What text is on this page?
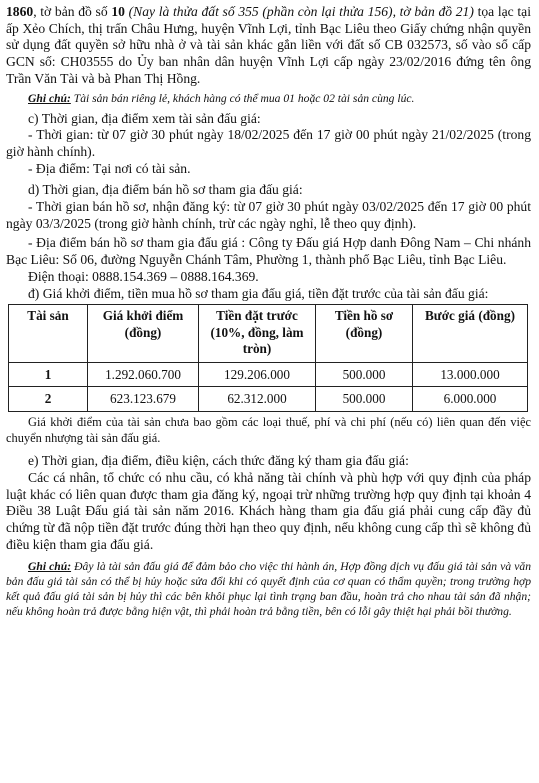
1860, tờ bản đồ số 10 (Nay là thửa đất số 355 (phần còn lại thửa 156), tờ bản đồ 21) tọa lạc tại ấp Xẻo Chích, thị trấn Châu Hưng, huyện Vĩnh Lợi, tỉnh Bạc Liêu theo Giấy chứng nhận quyền sử dụng đất quyền sở hữu nhà ở và tài sản khác gắn liền với đất số CB 032573, số vào sổ cấp GCN số: CH03555 do Ủy ban nhân dân huyện Vĩnh Lợi cấp ngày 23/02/2016 đứng tên ông Trần Văn Tài và bà Phan Thị Hồng.

Ghi chú: Tài sản bán riêng lẻ, khách hàng có thể mua 01 hoặc 02 tài sản cùng lúc.

c) Thời gian, địa điểm xem tài sản đấu giá:

- Thời gian: từ 07 giờ 30 phút ngày 18/02/2025 đến 17 giờ 00 phút ngày 21/02/2025 (trong giờ hành chính).

- Địa điểm: Tại nơi có tài sản.

d) Thời gian, địa điểm bán hồ sơ tham gia đấu giá:

- Thời gian bán hồ sơ, nhận đăng ký: từ 07 giờ 30 phút ngày 03/02/2025 đến 17 giờ 00 phút ngày 03/3/2025 (trong giờ hành chính, trừ các ngày nghỉ, lễ theo quy định).

- Địa điểm bán hồ sơ tham gia đấu giá : Công ty Đấu giá Hợp danh Đông Nam – Chi nhánh Bạc Liêu: Số 06, đường Nguyễn Chánh Tâm, Phường 1, thành phố Bạc Liêu, tỉnh Bạc Liêu.

Điện thoại: 0888.154.369 – 0888.164.369.

đ) Giá khởi điểm, tiền mua hồ sơ tham gia đấu giá, tiền đặt trước của tài sản đấu giá:

Tài sản	Giá khởi điểm (đồng)	Tiền đặt trước (10%, đồng, làm tròn)	Tiền hồ sơ (đồng)	Bước giá (đồng)
1	1.292.060.700	129.206.000	500.000	13.000.000
2	623.123.679	62.312.000	500.000	6.000.000

Giá khởi điểm của tài sản chưa bao gồm các loại thuế, phí và chi phí (nếu có) liên quan đến việc chuyển nhượng tài sản đấu giá.

e) Thời gian, địa điểm, điều kiện, cách thức đăng ký tham gia đấu giá:

Các cá nhân, tổ chức có nhu cầu, có khả năng tài chính và phù hợp với quy định của pháp luật khác có liên quan được tham gia đăng ký, ngoại trừ những trường hợp quy định tại khoản 4 Điều 38 Luật Đấu giá tài sản năm 2016. Khách hàng tham gia đấu giá phải cung cấp đầy đủ chứng từ đã nộp tiền đặt trước đúng thời hạn theo quy định, nếu không cung cấp thì sẽ không đủ điều kiện tham gia đấu giá.

Ghi chú: Đây là tài sản đấu giá để đảm bảo cho việc thi hành án, Hợp đồng dịch vụ đấu giá tài sản và văn bản đấu giá tài sản có thể bị hủy hoặc sửa đổi khi có quyết định của cơ quan có thẩm quyền; trong trường hợp kết quả đấu giá tài sản bị hủy thì các bên khôi phục lại tình trạng ban đầu, hoàn trả cho nhau tài sản đã nhận; nếu không hoàn trả được bằng hiện vật, thì phải hoàn trả bằng tiền, bên có lỗi gây thiệt hại phải bồi thường.
